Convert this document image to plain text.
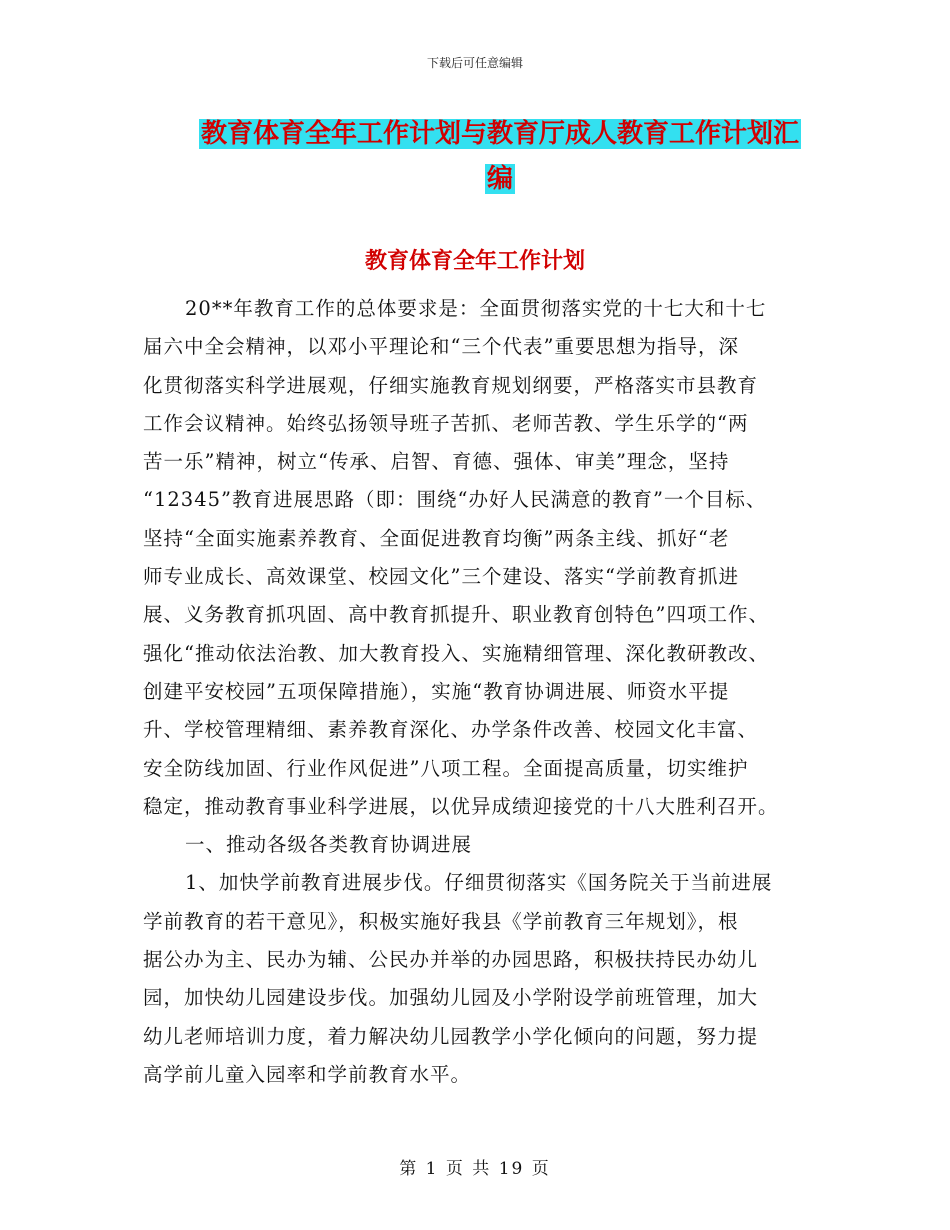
下载后可任意编辑
教育体育全年工作计划与教育厅成人教育工作计划汇
编
教育体育全年工作计划
20**年教育工作的总体要求是：全面贯彻落实党的十七大和十七
届六中全会精神，以邓小平理论和“三个代表”重要思想为指导，深
化贯彻落实科学进展观，仔细实施教育规划纲要，严格落实市县教育
工作会议精神。始终弘扬领导班子苦抓、老师苦教、学生乐学的“两
苦一乐”精神，树立“传承、启智、育德、强体、审美”理念，坚持
“12345”教育进展思路（即：围绕“办好人民满意的教育”一个目标、
坚持“全面实施素养教育、全面促进教育均衡”两条主线、抓好“老
师专业成长、高效课堂、校园文化”三个建设、落实“学前教育抓进
展、义务教育抓巩固、高中教育抓提升、职业教育创特色”四项工作、
强化“推动依法治教、加大教育投入、实施精细管理、深化教研教改、
创建平安校园”五项保障措施），实施“教育协调进展、师资水平提
升、学校管理精细、素养教育深化、办学条件改善、校园文化丰富、
安全防线加固、行业作风促进”八项工程。全面提高质量，切实维护
稳定，推动教育事业科学进展，以优异成绩迎接党的十八大胜利召开。
一、推动各级各类教育协调进展
1、加快学前教育进展步伐。仔细贯彻落实《国务院关于当前进展
学前教育的若干意见》，积极实施好我县《学前教育三年规划》，根
据公办为主、民办为辅、公民办并举的办园思路，积极扶持民办幼儿
园，加快幼儿园建设步伐。加强幼儿园及小学附设学前班管理，加大
幼儿老师培训力度，着力解决幼儿园教学小学化倾向的问题，努力提
高学前儿童入园率和学前教育水平。
第 1 页 共 19 页
